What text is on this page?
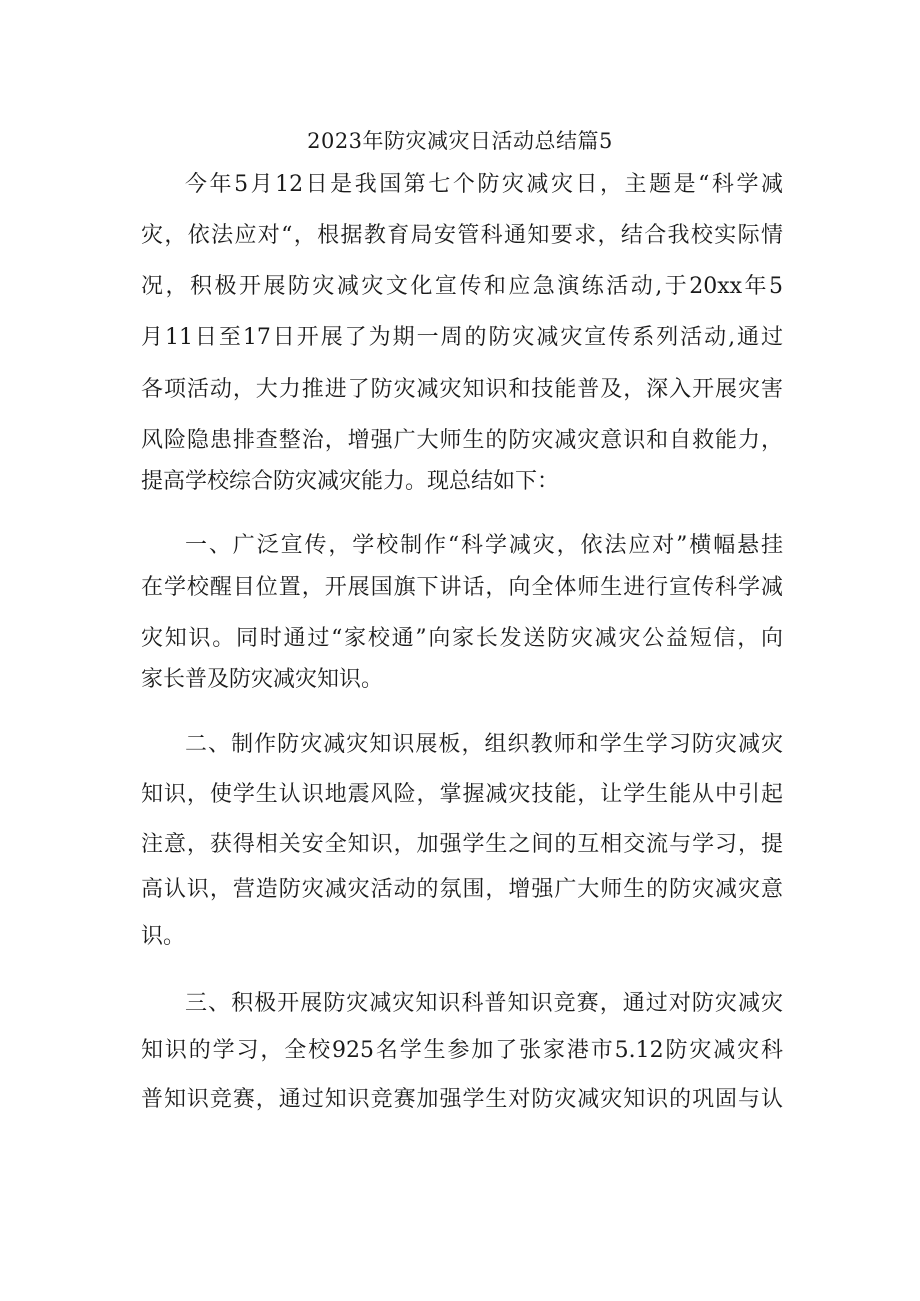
2023年防灾减灾日活动总结篇5
今年5月12日是我国第七个防灾减灾日，主题是“科学减
灾，依法应对“，根据教育局安管科通知要求，结合我校实际情
况，积极开展防灾减灾文化宣传和应急演练活动,于20xx年5
月11日至17日开展了为期一周的防灾减灾宣传系列活动,通过
各项活动，大力推进了防灾减灾知识和技能普及，深入开展灾害
风险隐患排查整治，增强广大师生的防灾减灾意识和自救能力，
提高学校综合防灾减灾能力。现总结如下：
一、广泛宣传，学校制作“科学减灾，依法应对”横幅悬挂
在学校醒目位置，开展国旗下讲话，向全体师生进行宣传科学减
灾知识。同时通过“家校通”向家长发送防灾减灾公益短信，向
家长普及防灾减灾知识。
二、制作防灾减灾知识展板，组织教师和学生学习防灾减灾
知识，使学生认识地震风险，掌握减灾技能，让学生能从中引起
注意，获得相关安全知识，加强学生之间的互相交流与学习，提
高认识，营造防灾减灾活动的氛围，增强广大师生的防灾减灾意
识。
三、积极开展防灾减灾知识科普知识竞赛，通过对防灾减灾
知识的学习，全校925名学生参加了张家港市5.12防灾减灾科
普知识竞赛，通过知识竞赛加强学生对防灾减灾知识的巩固与认
